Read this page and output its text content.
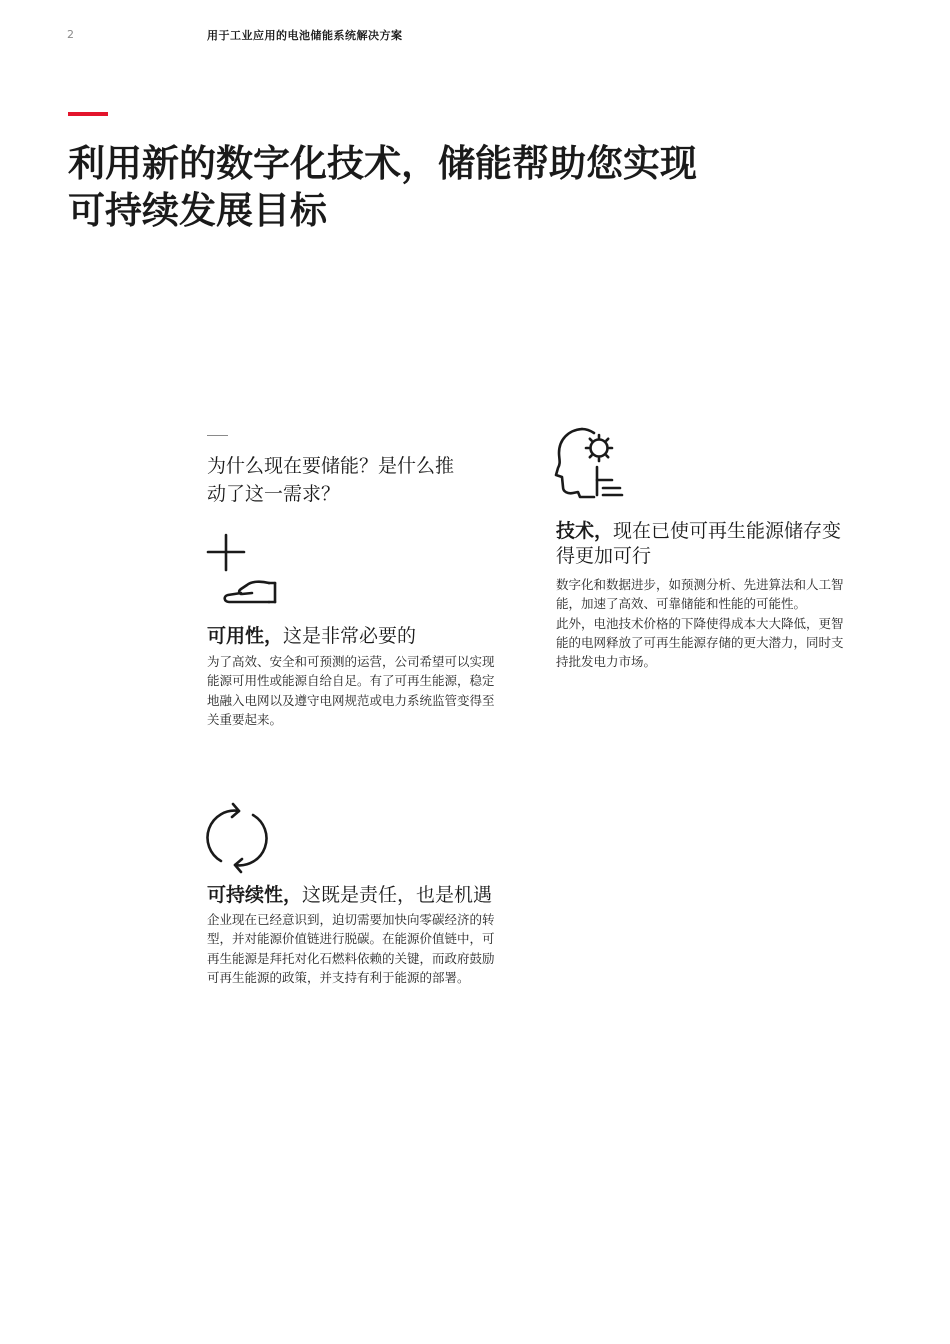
2	用于工业应用的电池储能系统解决方案
利用新的数字化技术，储能帮助您实现
可持续发展目标
为什么现在要储能？是什么推
动了这一需求？
可用性，这是非常必要的
为了高效、安全和可预测的运营，公司希望可以实现
能源可用性或能源自给自足。有了可再生能源，稳定
地融入电网以及遵守电网规范或电力系统监管变得至
关重要起来。
可持续性，这既是责任，也是机遇
企业现在已经意识到，迫切需要加快向零碳经济的转
型，并对能源价值链进行脱碳。在能源价值链中，可
再生能源是拜托对化石燃料依赖的关键，而政府鼓励
可再生能源的政策，并支持有利于能源的部署。
技术，现在已使可再生能源储存变
得更加可行
数字化和数据进步，如预测分析、先进算法和人工智
能，加速了高效、可靠储能和性能的可能性。
此外，电池技术价格的下降使得成本大大降低，更智
能的电网释放了可再生能源存储的更大潜力，同时支
持批发电力市场。
